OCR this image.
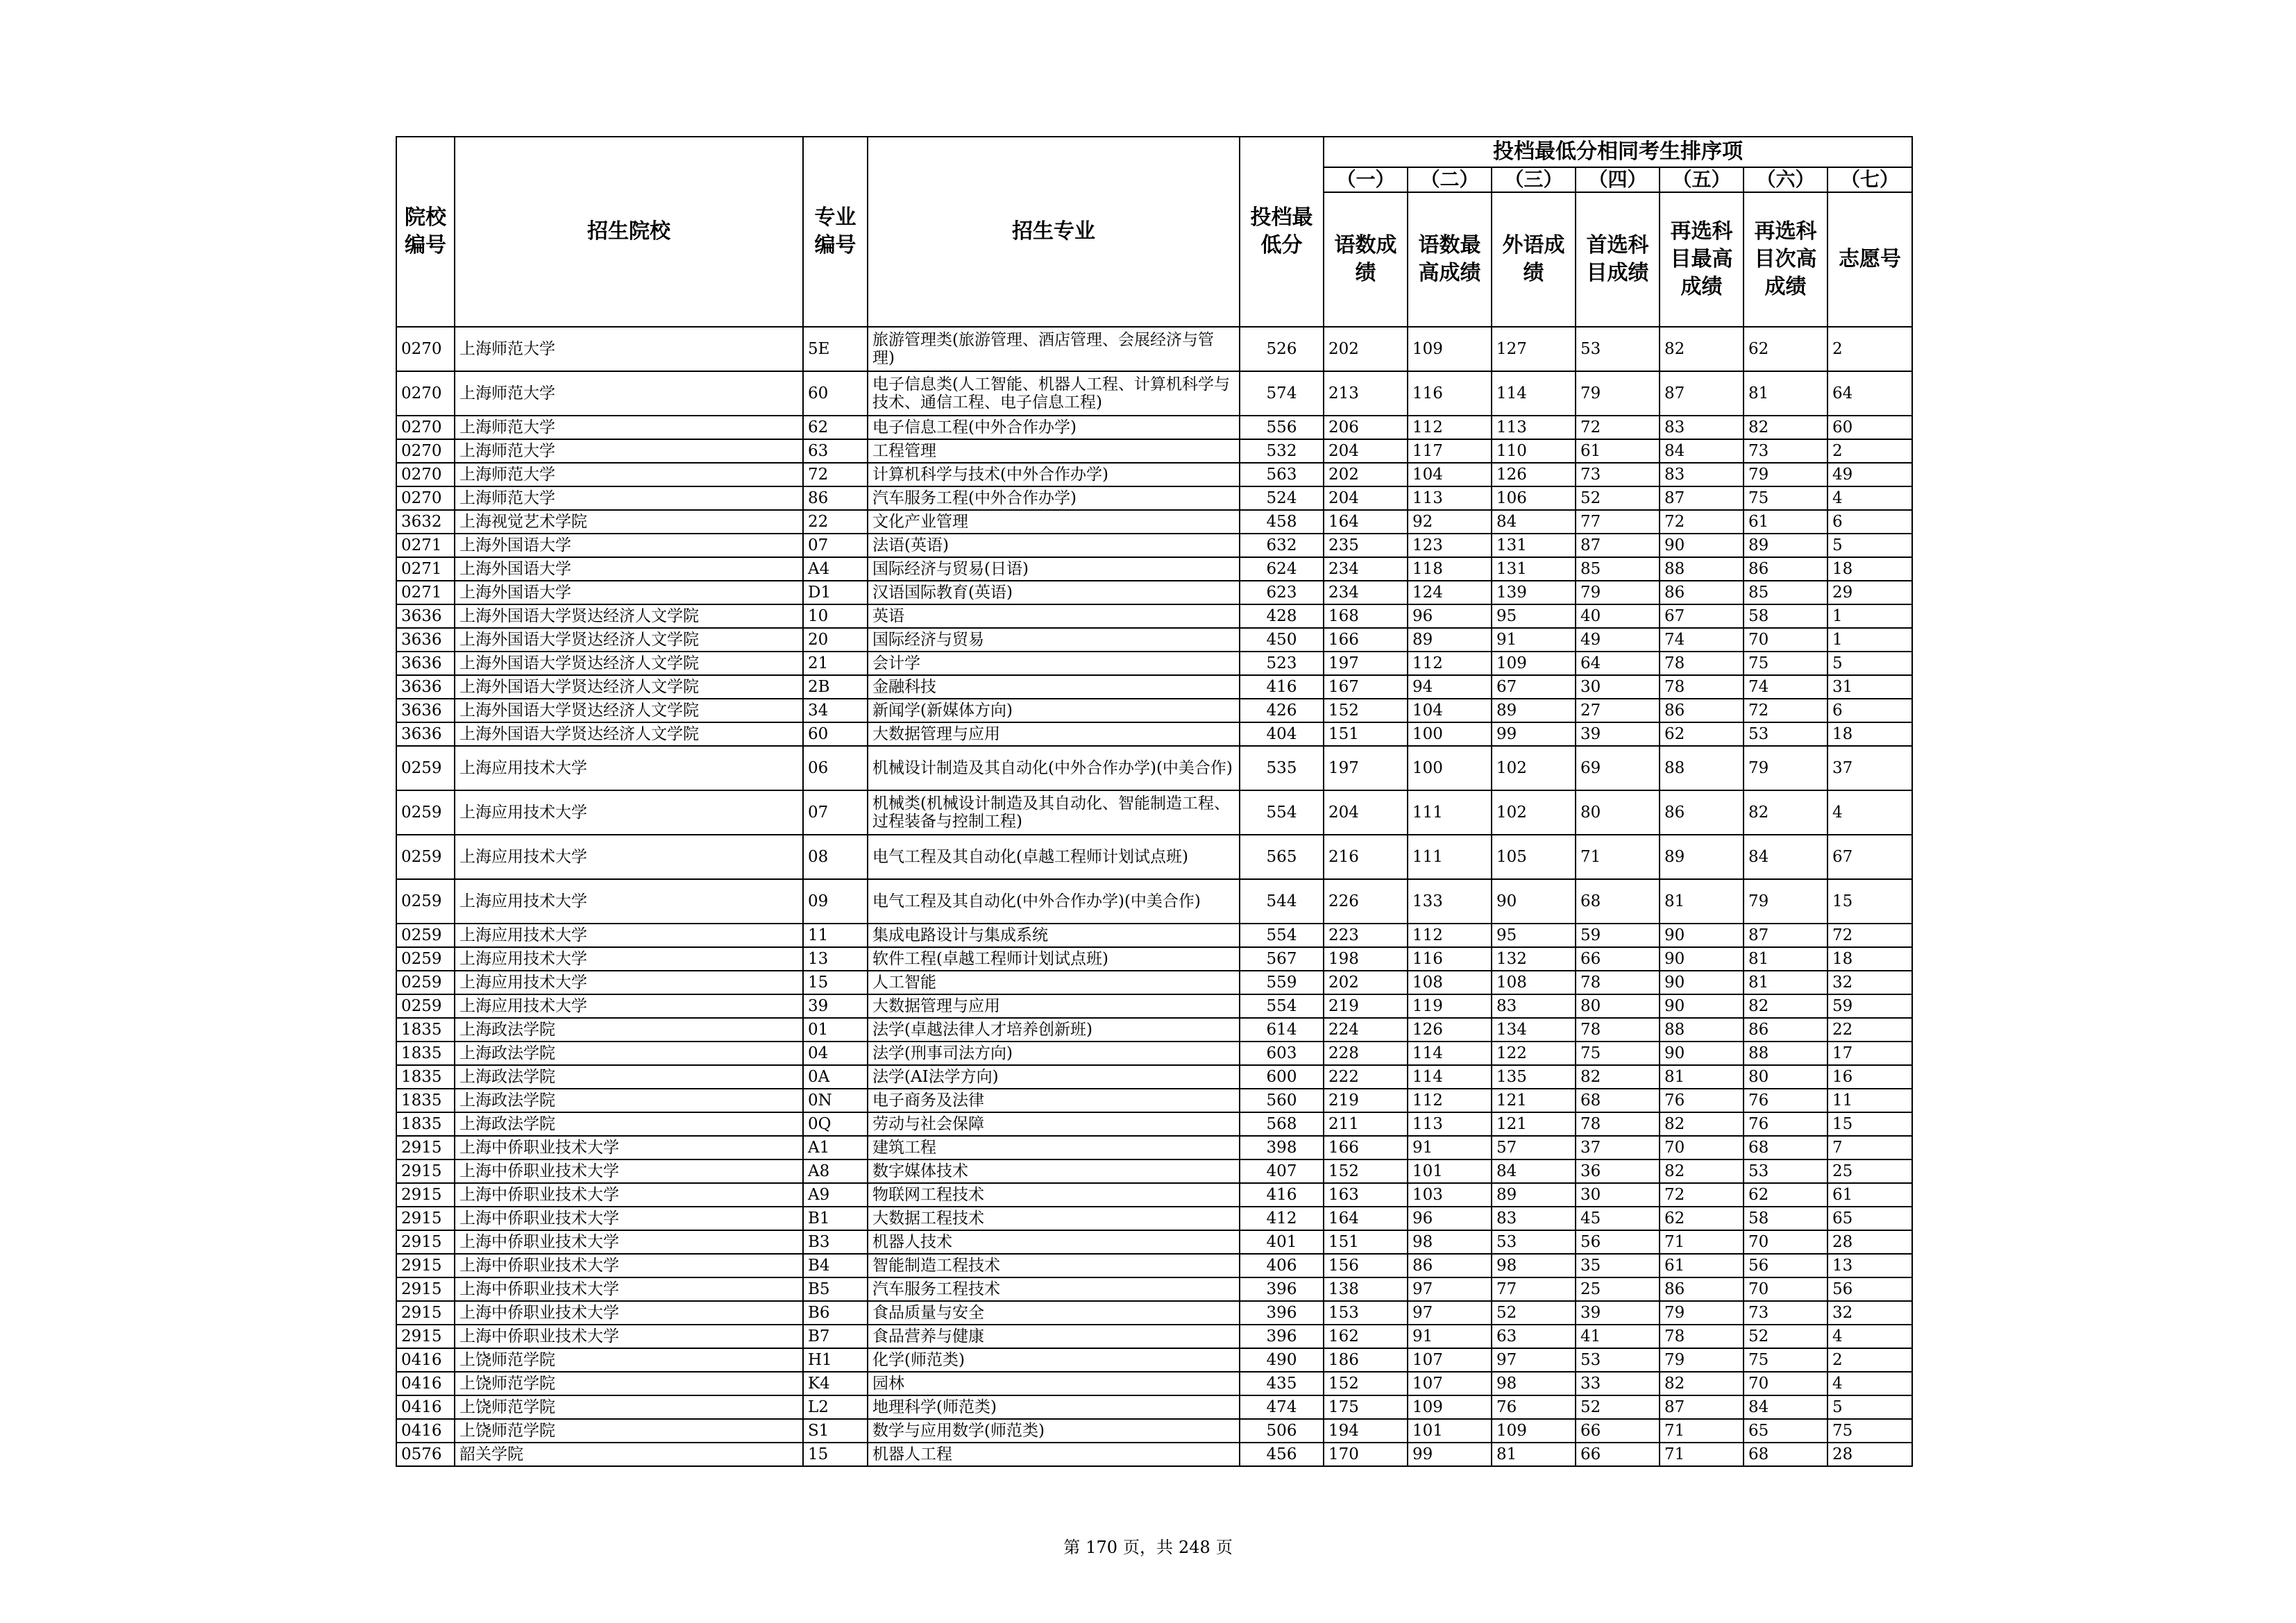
院校编号	招生院校	专业编号	招生专业	投档最低分	投档最低分相同考生排序项						
					（一）	（二）	（三）	（四）	（五）	（六）	（七）
					语数成绩	语数最高成绩	外语成绩	首选科目成绩	再选科目最高成绩	再选科目次高成绩	志愿号
0270	上海师范大学	5E	旅游管理类(旅游管理、酒店管理、会展经济与管理)	526	202	109	127	53	82	62	2
0270	上海师范大学	60	电子信息类(人工智能、机器人工程、计算机科学与技术、通信工程、电子信息工程)	574	213	116	114	79	87	81	64
0270	上海师范大学	62	电子信息工程(中外合作办学)	556	206	112	113	72	83	82	60
0270	上海师范大学	63	工程管理	532	204	117	110	61	84	73	2
0270	上海师范大学	72	计算机科学与技术(中外合作办学)	563	202	104	126	73	83	79	49
0270	上海师范大学	86	汽车服务工程(中外合作办学)	524	204	113	106	52	87	75	4
3632	上海视觉艺术学院	22	文化产业管理	458	164	92	84	77	72	61	6
0271	上海外国语大学	07	法语(英语)	632	235	123	131	87	90	89	5
0271	上海外国语大学	A4	国际经济与贸易(日语)	624	234	118	131	85	88	86	18
0271	上海外国语大学	D1	汉语国际教育(英语)	623	234	124	139	79	86	85	29
3636	上海外国语大学贤达经济人文学院	10	英语	428	168	96	95	40	67	58	1
3636	上海外国语大学贤达经济人文学院	20	国际经济与贸易	450	166	89	91	49	74	70	1
3636	上海外国语大学贤达经济人文学院	21	会计学	523	197	112	109	64	78	75	5
3636	上海外国语大学贤达经济人文学院	2B	金融科技	416	167	94	67	30	78	74	31
3636	上海外国语大学贤达经济人文学院	34	新闻学(新媒体方向)	426	152	104	89	27	86	72	6
3636	上海外国语大学贤达经济人文学院	60	大数据管理与应用	404	151	100	99	39	62	53	18
0259	上海应用技术大学	06	机械设计制造及其自动化(中外合作办学)(中美合作)	535	197	100	102	69	88	79	37
0259	上海应用技术大学	07	机械类(机械设计制造及其自动化、智能制造工程、过程装备与控制工程)	554	204	111	102	80	86	82	4
0259	上海应用技术大学	08	电气工程及其自动化(卓越工程师计划试点班)	565	216	111	105	71	89	84	67
0259	上海应用技术大学	09	电气工程及其自动化(中外合作办学)(中美合作)	544	226	133	90	68	81	79	15
0259	上海应用技术大学	11	集成电路设计与集成系统	554	223	112	95	59	90	87	72
0259	上海应用技术大学	13	软件工程(卓越工程师计划试点班)	567	198	116	132	66	90	81	18
0259	上海应用技术大学	15	人工智能	559	202	108	108	78	90	81	32
0259	上海应用技术大学	39	大数据管理与应用	554	219	119	83	80	90	82	59
1835	上海政法学院	01	法学(卓越法律人才培养创新班)	614	224	126	134	78	88	86	22
1835	上海政法学院	04	法学(刑事司法方向)	603	228	114	122	75	90	88	17
1835	上海政法学院	0A	法学(AI法学方向)	600	222	114	135	82	81	80	16
1835	上海政法学院	0N	电子商务及法律	560	219	112	121	68	76	76	11
1835	上海政法学院	0Q	劳动与社会保障	568	211	113	121	78	82	76	15
2915	上海中侨职业技术大学	A1	建筑工程	398	166	91	57	37	70	68	7
2915	上海中侨职业技术大学	A8	数字媒体技术	407	152	101	84	36	82	53	25
2915	上海中侨职业技术大学	A9	物联网工程技术	416	163	103	89	30	72	62	61
2915	上海中侨职业技术大学	B1	大数据工程技术	412	164	96	83	45	62	58	65
2915	上海中侨职业技术大学	B3	机器人技术	401	151	98	53	56	71	70	28
2915	上海中侨职业技术大学	B4	智能制造工程技术	406	156	86	98	35	61	56	13
2915	上海中侨职业技术大学	B5	汽车服务工程技术	396	138	97	77	25	86	70	56
2915	上海中侨职业技术大学	B6	食品质量与安全	396	153	97	52	39	79	73	32
2915	上海中侨职业技术大学	B7	食品营养与健康	396	162	91	63	41	78	52	4
0416	上饶师范学院	H1	化学(师范类)	490	186	107	97	53	79	75	2
0416	上饶师范学院	K4	园林	435	152	107	98	33	82	70	4
0416	上饶师范学院	L2	地理科学(师范类)	474	175	109	76	52	87	84	5
0416	上饶师范学院	S1	数学与应用数学(师范类)	506	194	101	109	66	71	65	75
0576	韶关学院	15	机器人工程	456	170	99	81	66	71	68	28
第 170 页，共 248 页
